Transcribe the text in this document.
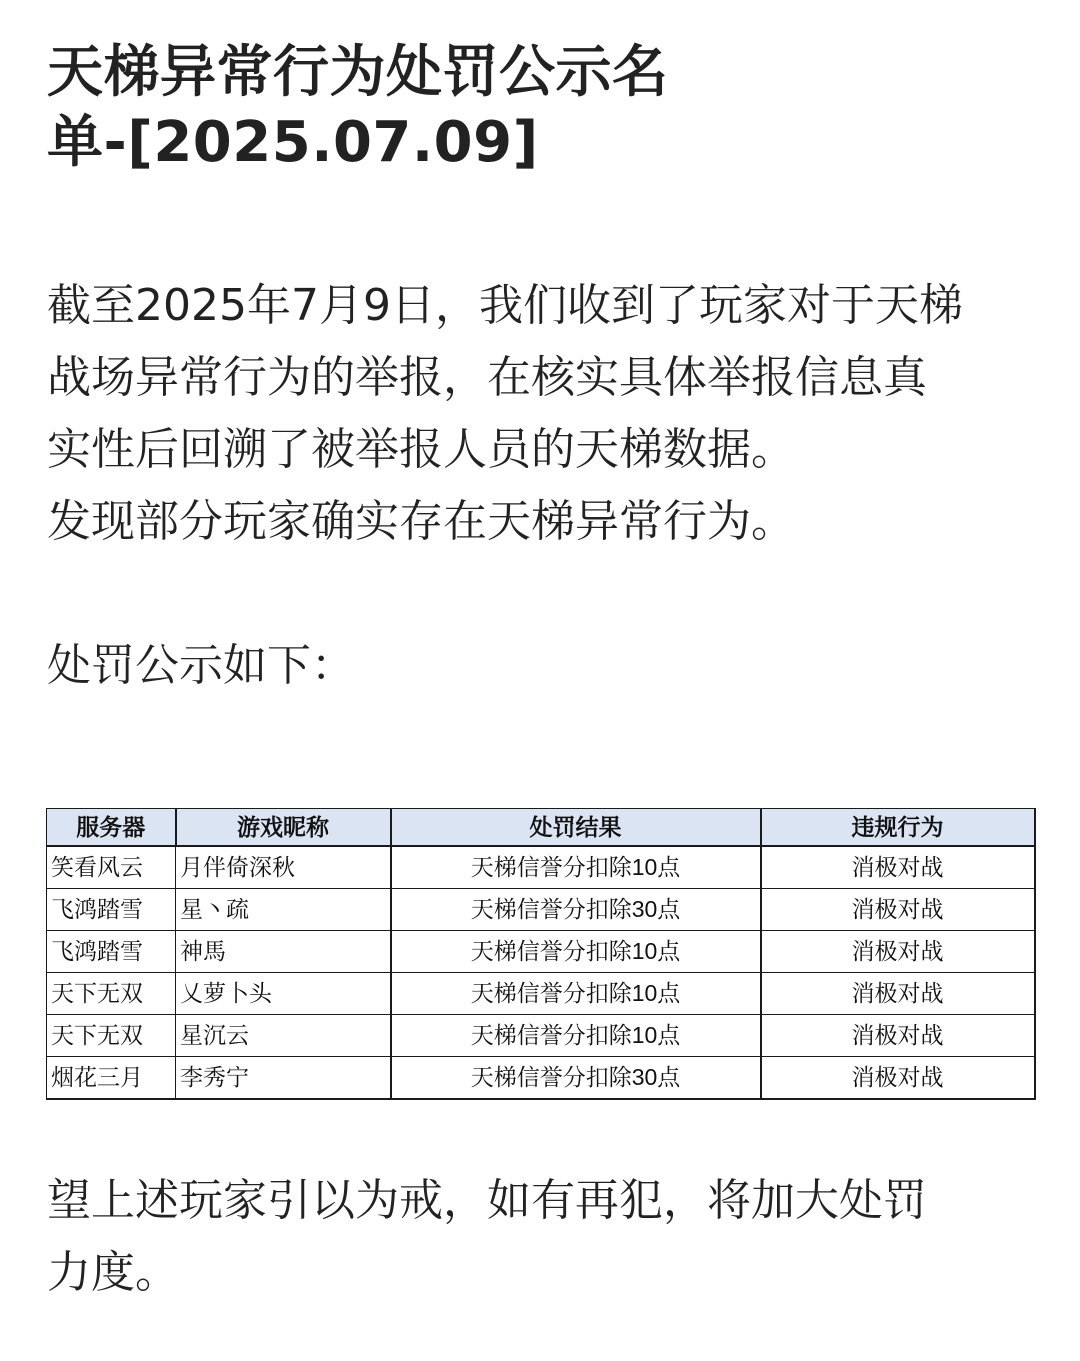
天梯异常行为处罚公示名
单-[2025.07.09]

截至2025年7月9日，我们收到了玩家对于天梯
战场异常行为的举报，在核实具体举报信息真
实性后回溯了被举报人员的天梯数据。
发现部分玩家确实存在天梯异常行为。

处罚公示如下：

服务器	游戏昵称	处罚结果	违规行为
笑看风云	月伴倚深秋	天梯信誉分扣除10点	消极对战
飞鸿踏雪	星丶疏	天梯信誉分扣除30点	消极对战
飞鸿踏雪	神馬	天梯信誉分扣除10点	消极对战
天下无双	乂萝卜头	天梯信誉分扣除10点	消极对战
天下无双	星沉云	天梯信誉分扣除10点	消极对战
烟花三月	李秀宁	天梯信誉分扣除30点	消极对战

望上述玩家引以为戒，如有再犯，将加大处罚
力度。
